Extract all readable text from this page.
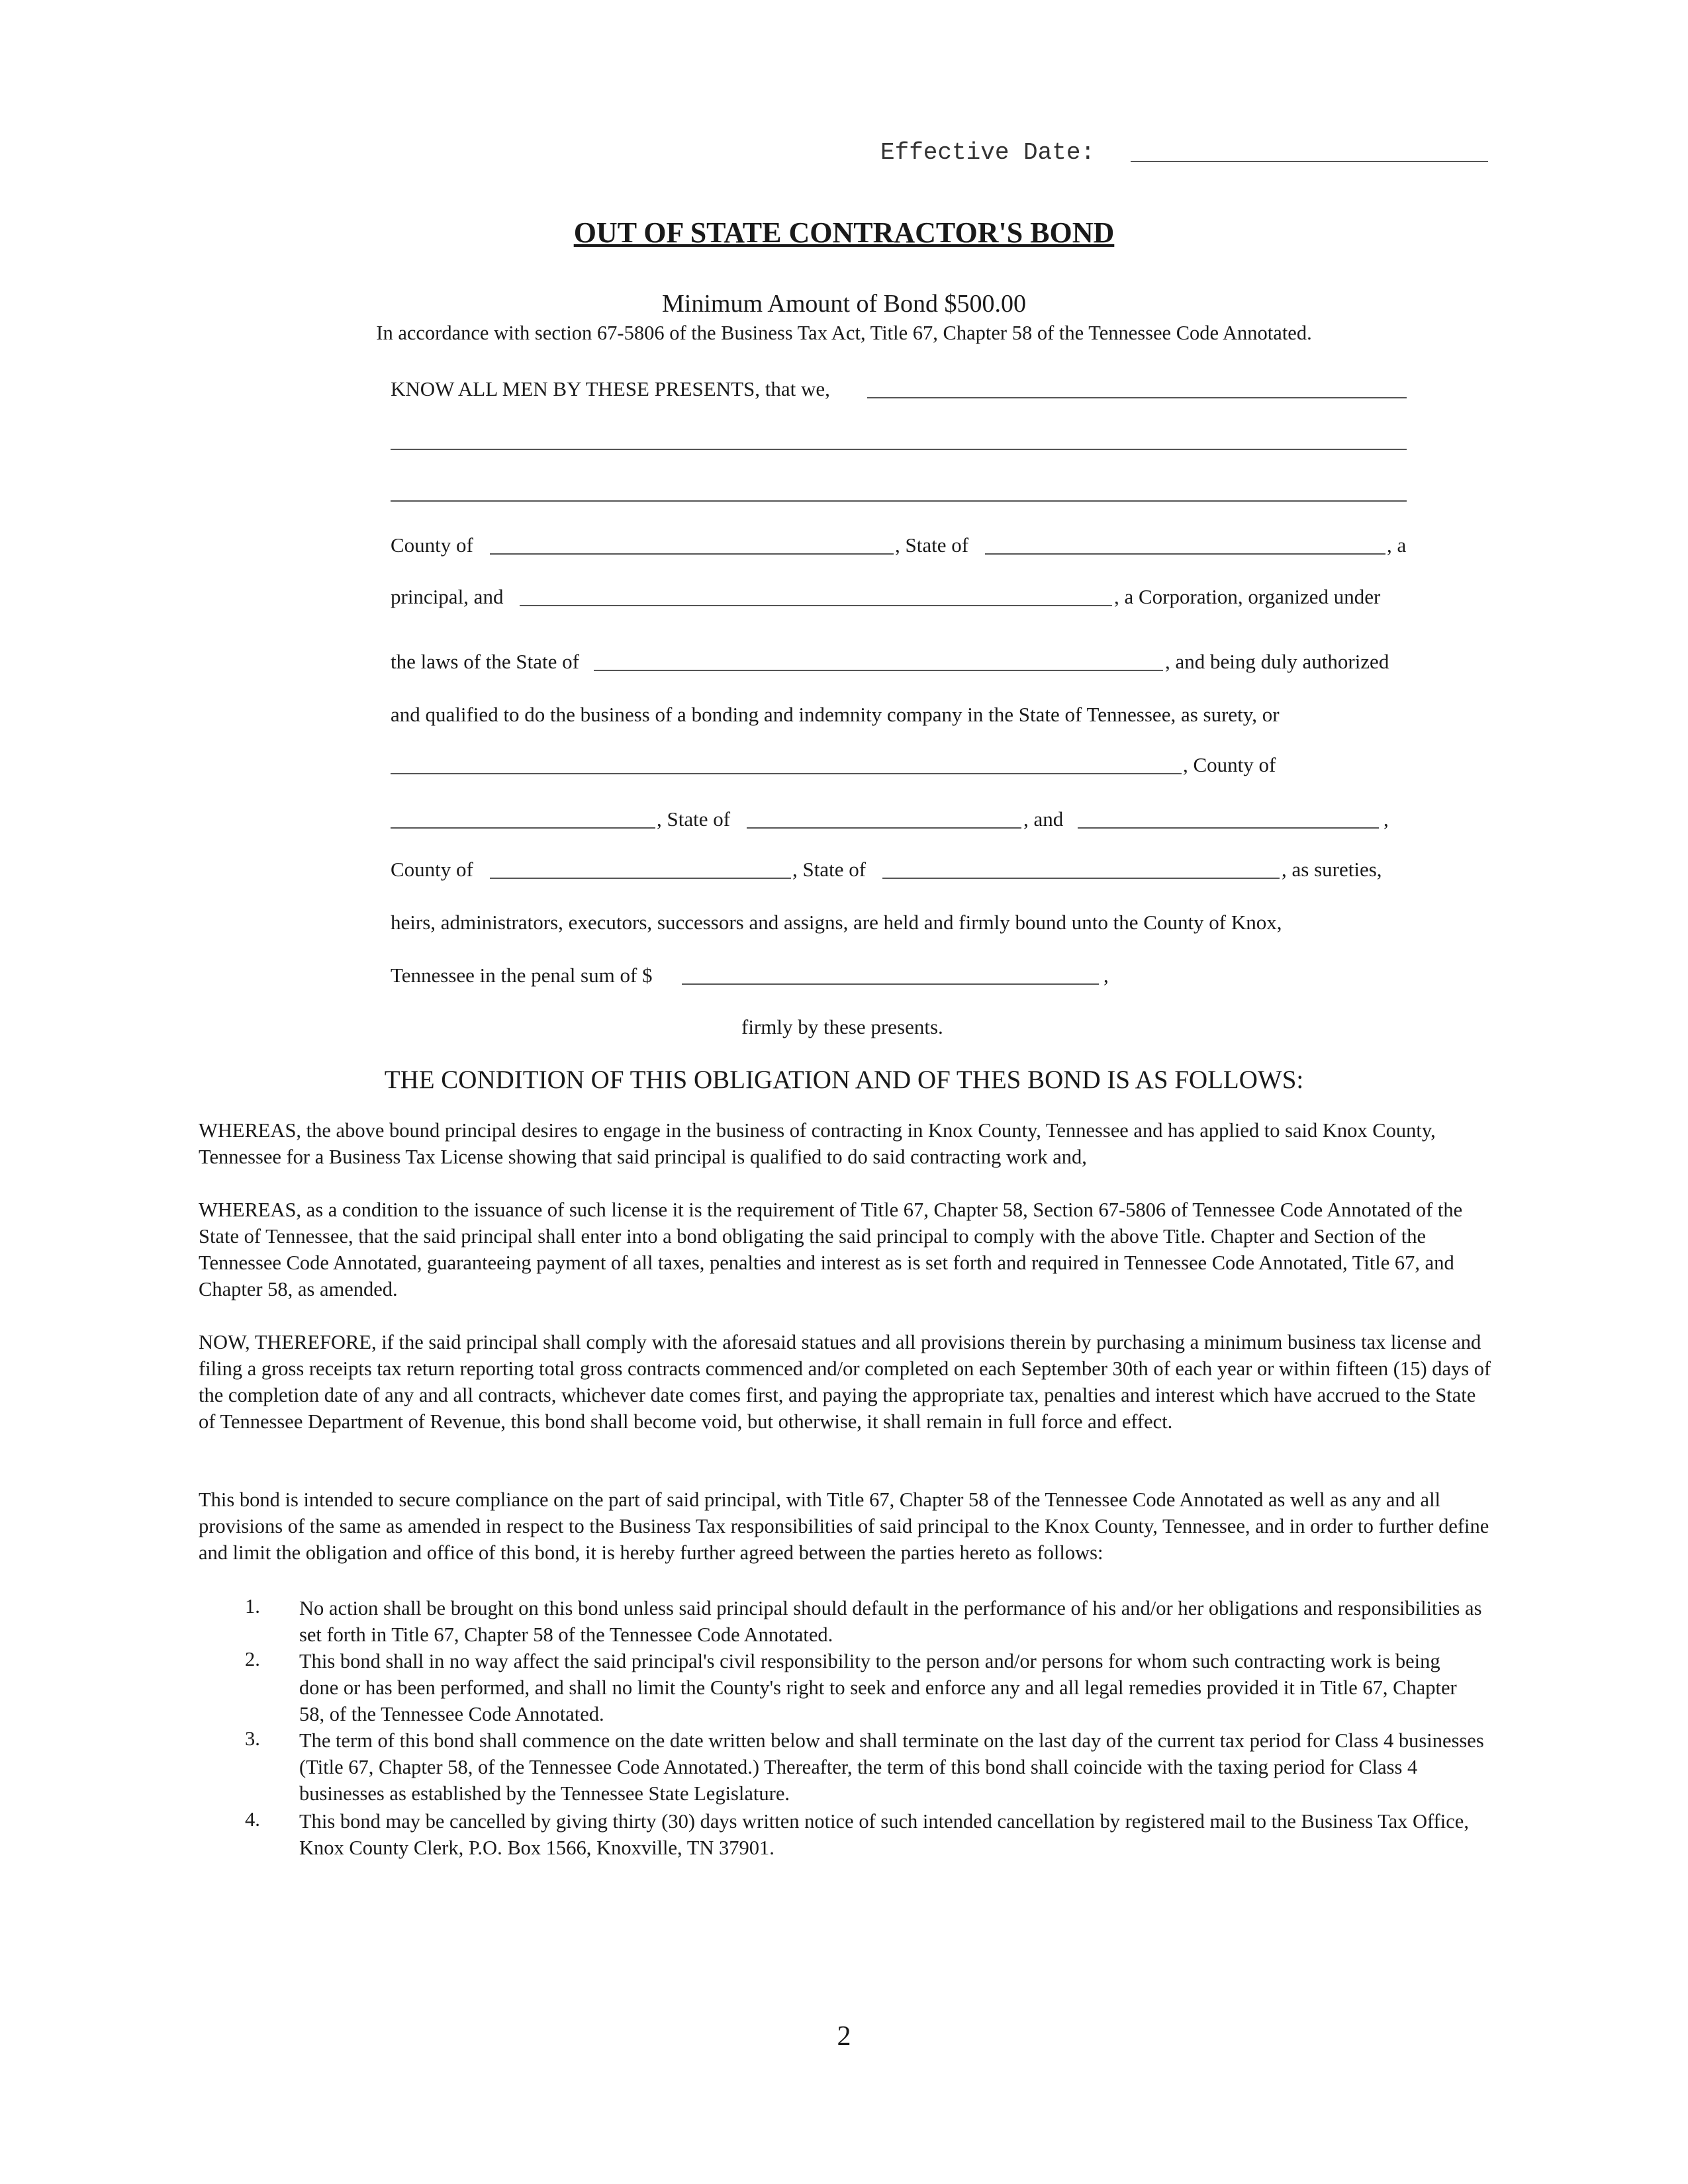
Effective Date:
OUT OF STATE CONTRACTOR'S BOND
Minimum Amount of Bond $500.00
In accordance with section 67-5806 of the Business Tax Act, Title 67, Chapter 58 of the Tennessee Code Annotated.
KNOW ALL MEN BY THESE PRESENTS, that we,
County of	, State of	, a
principal, and	, a Corporation, organized under
the laws of the State of	, and being duly authorized
and qualified to do the business of a bonding and indemnity company in the State of Tennessee, as surety, or
, County of
, State of	, and	,
County of	, State of	, as sureties,
heirs, administrators, executors, successors and assigns, are held and firmly bound unto the County of Knox,
Tennessee in the penal sum of $	,
firmly by these presents.
THE CONDITION OF THIS OBLIGATION AND OF THES BOND IS AS FOLLOWS:
WHEREAS, the above bound principal desires to engage in the business of contracting in Knox County, Tennessee and has applied to said Knox County, Tennessee for a Business Tax License showing that said principal is qualified to do said contracting work and,
WHEREAS, as a condition to the issuance of such license it is the requirement of Title 67, Chapter 58, Section 67-5806 of Tennessee Code Annotated of the State of Tennessee, that the said principal shall enter into a bond obligating the said principal to comply with the above Title. Chapter and Section of the Tennessee Code Annotated, guaranteeing payment of all taxes, penalties and interest as is set forth and required in Tennessee Code Annotated, Title 67, and Chapter 58, as amended.
NOW, THEREFORE, if the said principal shall comply with the aforesaid statues and all provisions therein by purchasing a minimum business tax license and filing a gross receipts tax return reporting total gross contracts commenced and/or completed on each September 30th of each year or within fifteen (15) days of the completion date of any and all contracts, whichever date comes first, and paying the appropriate tax, penalties and interest which have accrued to the State of Tennessee Department of Revenue, this bond shall become void, but otherwise, it shall remain in full force and effect.
This bond is intended to secure compliance on the part of said principal, with Title 67, Chapter 58 of the Tennessee Code Annotated as well as any and all provisions of the same as amended in respect to the Business Tax responsibilities of said principal to the Knox County, Tennessee, and in order to further define and limit the obligation and office of this bond, it is hereby further agreed between the parties hereto as follows:
1. No action shall be brought on this bond unless said principal should default in the performance of his and/or her obligations and responsibilities as set forth in Title 67, Chapter 58 of the Tennessee Code Annotated.
2. This bond shall in no way affect the said principal's civil responsibility to the person and/or persons for whom such contracting work is being done or has been performed, and shall no limit the County's right to seek and enforce any and all legal remedies provided it in Title 67, Chapter 58, of the Tennessee Code Annotated.
3. The term of this bond shall commence on the date written below and shall terminate on the last day of the current tax period for Class 4 businesses (Title 67, Chapter 58, of the Tennessee Code Annotated.) Thereafter, the term of this bond shall coincide with the taxing period for Class 4 businesses as established by the Tennessee State Legislature.
4. This bond may be cancelled by giving thirty (30) days written notice of such intended cancellation by registered mail to the Business Tax Office, Knox County Clerk, P.O. Box 1566, Knoxville, TN 37901.
2
